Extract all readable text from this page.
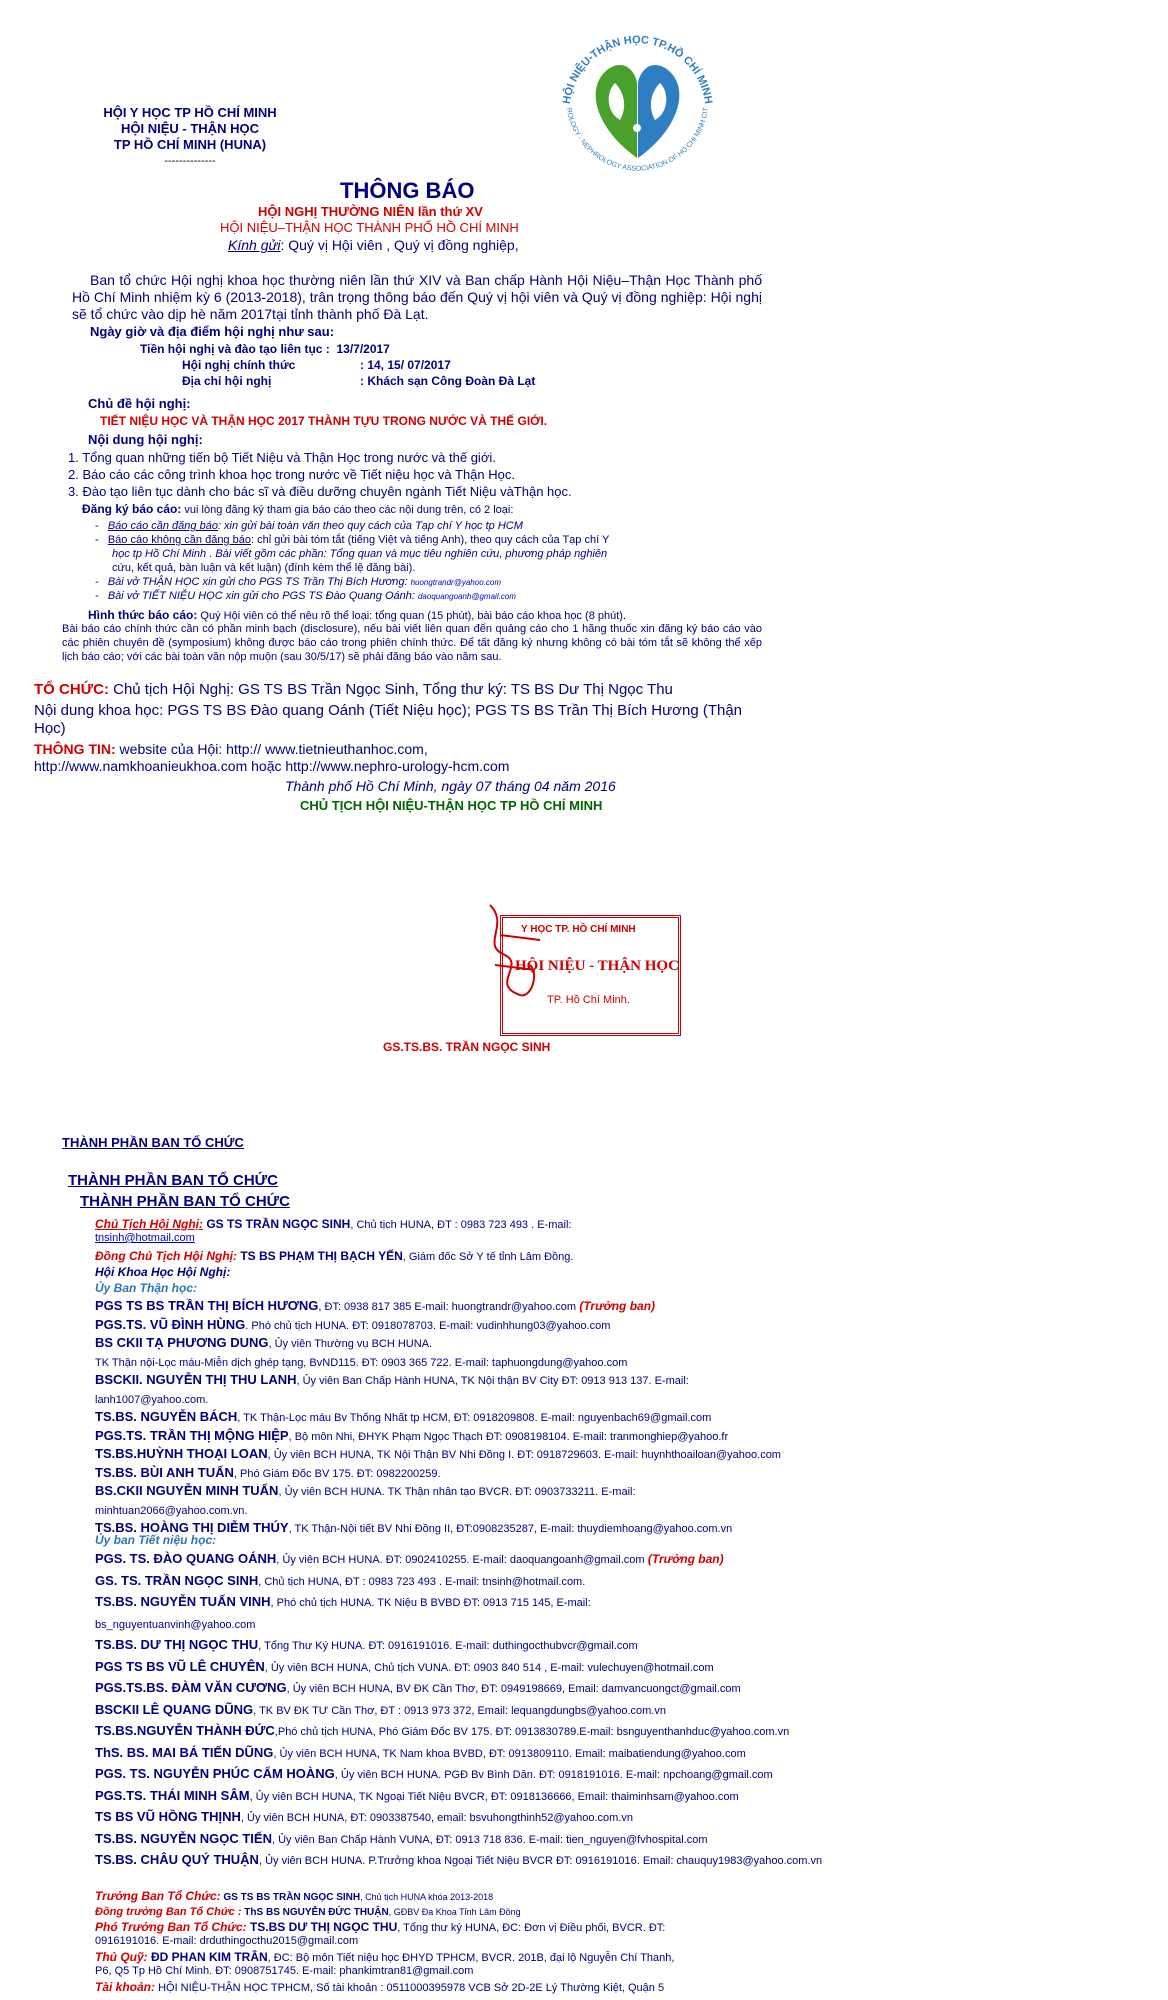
HỘI Y HỌC TP HỒ CHÍ MINH
HỘI NIỆU - THẬN HỌC
TP HỒ CHÍ MINH (HUNA)
--------------
HỘI NIỆU-THẬN HỌC TP.HỒ CHÍ MINH
ROLOGY - NEPHROLOGY ASSOCIATION OF HO CHI MINH CIT
THÔNG BÁO
HỘI NGHỊ THƯỜNG NIÊN lần thứ XV
HỘI NIỆU–THẬN HỌC THÀNH PHỐ HỒ CHÍ MINH
Kính gửi: Quý vị Hội viên , Quý vị đồng nghiệp,
Ban tổ chức Hội nghị khoa học thường niên lần thứ XIV và Ban chấp Hành Hội Niệu–Thận Học Thành phố Hồ Chí Minh nhiệm kỳ 6 (2013-2018), trân trọng thông báo đến Quý vị hội viên và Quý vị đồng nghiệp: Hội nghị sẽ tổ chức vào dịp hè năm 2017tại tỉnh thành phố Đà Lạt.
Ngày giờ và địa điểm hội nghị như sau:
Tiền hội nghị và đào tạo liên tục : 13/7/2017
Hội nghị chính thức	: 14, 15/ 07/2017
Địa chỉ hội nghị	: Khách sạn Công Đoàn Đà Lạt
Chủ đề hội nghị:
TIẾT NIỆU HỌC VÀ THẬN HỌC 2017 THÀNH TỰU TRONG NƯỚC VÀ THẾ GIỚI.
Nội dung hội nghị:
1. Tổng quan những tiến bộ Tiết Niệu và Thận Học trong nước và thế giới.
2. Báo cáo các công trình khoa học trong nước về Tiết niệu học và Thận Học.
3. Đào tạo liên tục dành cho bác sĩ và điều dưỡng chuyên ngành Tiết Niệu vàThận học.
Đăng ký báo cáo: vui lòng đăng ký tham gia báo cáo theo các nội dung trên, có 2 loại:
-   Báo cáo cần đăng báo: xin gửi bài toàn văn theo quy cách của Tạp chí Y học tp HCM
-   Báo cáo không cần đăng báo: chỉ gửi bài tóm tắt (tiếng Việt và tiếng Anh), theo quy cách của Tạp chí Y
học tp Hồ Chí Minh . Bài viết gồm các phần: Tổng quan và mục tiêu nghiên cứu, phương pháp nghiên
cứu, kết quả, bàn luận và kết luận) (đính kèm thể lệ đăng bài).
-   Bài vở THẬN HỌC xin gửi cho PGS TS Trần Thị Bích Hương: huongtrandr@yahoo.com
-   Bài vở TIẾT NIỆU HỌC xin gửi cho PGS TS Đào Quang Oánh: daoquangoanh@gmail.com
Hình thức báo cáo: Quý Hội viên có thể nêu rõ thể loại: tổng quan (15 phút), bài báo cáo khoa học (8 phút).
Bài báo cáo chính thức cần có phần minh bạch (disclosure), nếu bài viết liên quan đến quảng cáo cho 1 hãng thuốc xin đăng ký báo cáo vào các phiên chuyên đề (symposium) không được báo cáo trong phiên chính thức. Để tất đăng ký nhưng không có bài tóm tắt sẽ không thể xếp lịch báo cáo; với các bài toàn văn nộp muộn (sau 30/5/17) sẽ phải đăng báo vào năm sau.
TỔ CHỨC: Chủ tịch Hội Nghị: GS TS BS Trần Ngọc Sinh, Tổng thư ký: TS BS Dư Thị Ngọc Thu
Nội dung khoa học: PGS TS BS Đào quang Oánh (Tiết Niệu học); PGS TS BS Trần Thị Bích Hương (Thận Học)
THÔNG TIN: website của Hội: http:// www.tietnieuthanhoc.com,
http://www.namkhoanieukhoa.com hoặc http://www.nephro-urology-hcm.com
Thành phố Hồ Chí Minh, ngày 07 tháng 04 năm 2016
CHỦ TỊCH HỘI NIỆU-THẬN HỌC TP HỒ CHÍ MINH
Y HỌC TP. HỒ CHÍ MINH
HỘI NIỆU - THẬN HỌC
TP. Hồ Chí Minh.
GS.TS.BS. TRẦN NGỌC SINH
THÀNH PHẦN BAN TỔ CHỨC
THÀNH PHẦN BAN TỔ CHỨC
THÀNH PHẦN BAN TỔ CHỨC
Chủ Tịch Hội Nghị: GS TS TRẦN NGỌC SINH, Chủ tịch HUNA, ĐT : 0983 723 493 . E-mail:
tnsinh@hotmail.com
Đồng Chủ Tịch Hội Nghị: TS BS PHẠM THỊ BẠCH YẾN, Giám đốc Sở Y tế tỉnh Lâm Đồng.
Hội Khoa Học Hội Nghị:
Ủy Ban Thận học:
PGS TS BS TRẦN THỊ BÍCH HƯƠNG, ĐT: 0938 817 385 E-mail: huongtrandr@yahoo.com (Trưởng ban)
PGS.TS. VŨ ĐÌNH HÙNG. Phó chủ tịch HUNA. ĐT: 0918078703. E-mail: vudinhhung03@yahoo.com
BS CKII TẠ PHƯƠNG DUNG, Ủy viên Thường vụ BCH HUNA.
TK Thận nội-Lọc máu-Miễn dịch ghép tạng, BvND115. ĐT: 0903 365 722. E-mail: taphuongdung@yahoo.com
BSCKII. NGUYỄN THỊ THU LANH, Ủy viên Ban Chấp Hành HUNA, TK Nội thận BV City ĐT: 0913 913 137. E-mail:
lanh1007@yahoo.com.
TS.BS. NGUYỄN BÁCH, TK Thận-Lọc máu Bv Thống Nhất tp HCM, ĐT: 0918209808. E-mail: nguyenbach69@gmail.com
PGS.TS. TRẦN THỊ MỘNG HIỆP, Bộ môn Nhi, ĐHYK Phạm Ngọc Thạch ĐT: 0908198104. E-mail: tranmonghiep@yahoo.fr
TS.BS.HUỲNH THOẠI LOAN, Ủy viên BCH HUNA, TK Nội Thận BV Nhi Đồng I. ĐT: 0918729603. E-mail: huynhthoailoan@yahoo.com
TS.BS. BÙI ANH TUẤN, Phó Giám Đốc BV 175. ĐT: 0982200259.
BS.CKII NGUYỄN MINH TUẤN, Ủy viên BCH HUNA. TK Thận nhân tạo BVCR. ĐT: 0903733211. E-mail:
minhtuan2066@yahoo.com.vn.
TS.BS. HOÀNG THỊ DIỄM THÚY, TK Thận-Nội tiết BV Nhi Đồng II, ĐT:0908235287, E-mail: thuydiemhoang@yahoo.com.vn
Ủy ban Tiết niệu học:
PGS. TS. ĐÀO QUANG OÁNH, Ủy viên BCH HUNA. ĐT: 0902410255. E-mail: daoquangoanh@gmail.com (Trưởng ban)
GS. TS. TRẦN NGỌC SINH, Chủ tịch HUNA, ĐT : 0983 723 493 . E-mail: tnsinh@hotmail.com.
TS.BS. NGUYỄN TUẤN VINH, Phó chủ tịch HUNA. TK Niệu B BVBD ĐT: 0913 715 145, E-mail:
bs_nguyentuanvinh@yahoo.com
TS.BS. DƯ THỊ NGỌC THU, Tổng Thư Ký HUNA. ĐT: 0916191016. E-mail: duthingocthubvcr@gmail.com
PGS TS BS VŨ LÊ CHUYÊN, Ủy viên BCH HUNA, Chủ tịch VUNA. ĐT: 0903 840 514 , E-mail: vulechuyen@hotmail.com
PGS.TS.BS. ĐÀM VĂN CƯƠNG, Ủy viên BCH HUNA, BV ĐK Cần Thơ, ĐT: 0949198669, Email: damvancuongct@gmail.com
BSCKII LÊ QUANG DŨNG, TK BV ĐK TƯ Cần Thơ, ĐT : 0913 973 372, Email: lequangdungbs@yahoo.com.vn
TS.BS.NGUYỄN THÀNH ĐỨC,Phó chủ tịch HUNA, Phó Giám Đốc BV 175. ĐT: 0913830789.E-mail: bsnguyenthanhduc@yahoo.com.vn
ThS. BS. MAI BÁ TIẾN DŨNG, Ủy viên BCH HUNA, TK Nam khoa BVBD, ĐT: 0913809110. Email: maibatiendung@yahoo.com
PGS. TS. NGUYỄN PHÚC CẨM HOÀNG, Ủy viên BCH HUNA. PGĐ Bv Bình Dân. ĐT: 0918191016. E-mail: npchoang@gmail.com
PGS.TS. THÁI MINH SÂM, Ủy viên BCH HUNA, TK Ngoại Tiết Niệu BVCR, ĐT: 0918136666, Email: thaiminhsam@yahoo.com
TS BS VŨ HỒNG THỊNH, Ủy viên BCH HUNA, ĐT: 0903387540, email: bsvuhongthinh52@yahoo.com.vn
TS.BS. NGUYỄN NGỌC TIẾN, Ủy viên Ban Chấp Hành VUNA, ĐT: 0913 718 836. E-mail: tien_nguyen@fvhospital.com
TS.BS. CHÂU QUÝ THUẬN, Ủy viên BCH HUNA. P.Trưởng khoa Ngoại Tiết Niệu BVCR ĐT: 0916191016. Email: chauquy1983@yahoo.com.vn
Trưởng Ban Tổ Chức: GS TS BS TRẦN NGỌC SINH, Chủ tịch HUNA khóa 2013-2018
Đồng trưởng Ban Tổ Chức : ThS BS NGUYỄN ĐỨC THUẬN, GĐBV Đa Khoa Tỉnh Lâm Đồng
Phó Trưởng Ban Tổ Chức: TS.BS DƯ THỊ NGỌC THU, Tổng thư ký HUNA, ĐC: Đơn vị Điều phối, BVCR. ĐT:
0916191016. E-mail: drduthingocthu2015@gmail.com
Thủ Quỹ: ĐD PHAN KIM TRÂN, ĐC: Bộ môn Tiết niệu học ĐHYD TPHCM, BVCR. 201B, đại lộ Nguyễn Chí Thanh,
P6, Q5 Tp Hồ Chí Minh. ĐT: 0908751745. E-mail: phankimtran81@gmail.com
Tài khoản: HỘI NIỆU-THẬN HỌC TPHCM, Số tài khoản : 0511000395978 VCB Sở 2D-2E Lý Thường Kiệt, Quận 5
